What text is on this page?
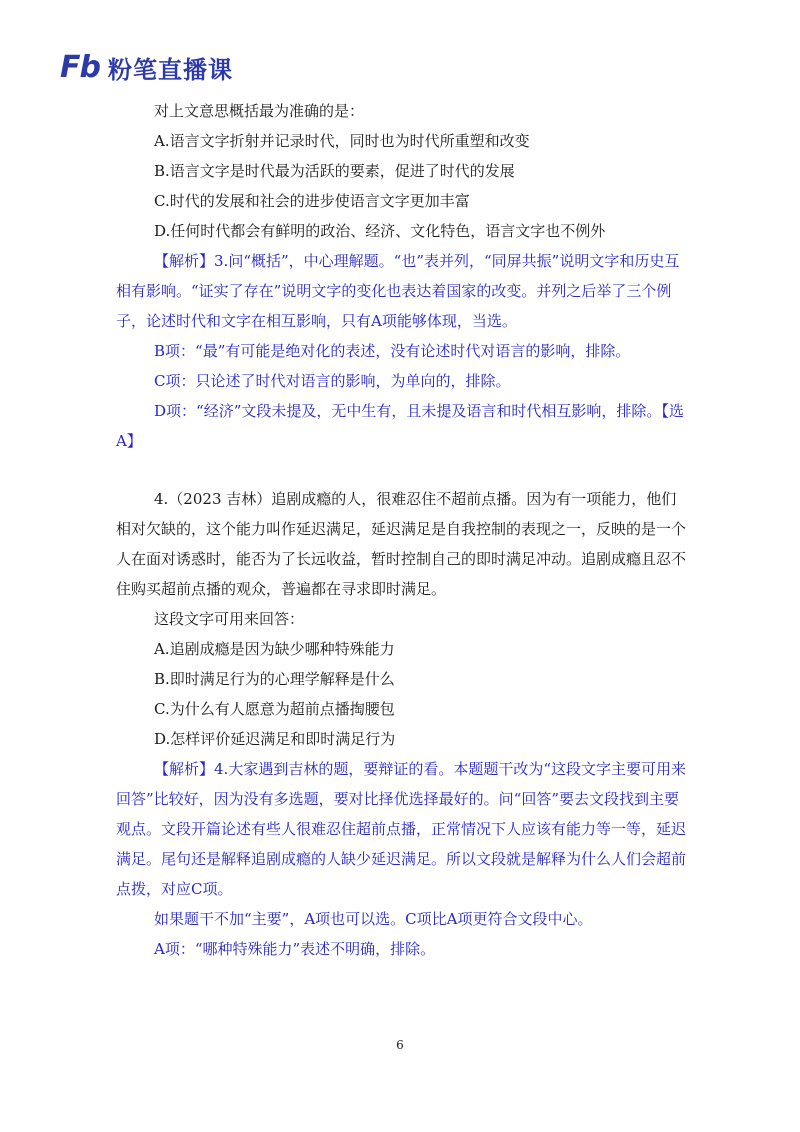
Fb 粉笔直播课

对上文意思概括最为准确的是：

A.语言文字折射并记录时代，同时也为时代所重塑和改变

B.语言文字是时代最为活跃的要素，促进了时代的发展

C.时代的发展和社会的进步使语言文字更加丰富

D.任何时代都会有鲜明的政治、经济、文化特色，语言文字也不例外

【解析】3.问“概括”，中心理解题。“也”表并列，“同屏共振”说明文字和历史互相有影响。“证实了存在”说明文字的变化也表达着国家的改变。并列之后举了三个例子，论述时代和文字在相互影响，只有A项能够体现，当选。

B项：“最”有可能是绝对化的表述，没有论述时代对语言的影响，排除。

C项：只论述了时代对语言的影响，为单向的，排除。

D项：“经济”文段未提及，无中生有，且未提及语言和时代相互影响，排除。【选A】

4.（2023 吉林）追剧成瘾的人，很难忍住不超前点播。因为有一项能力，他们相对欠缺的，这个能力叫作延迟满足，延迟满足是自我控制的表现之一，反映的是一个人在面对诱惑时，能否为了长远收益，暂时控制自己的即时满足冲动。追剧成瘾且忍不住购买超前点播的观众，普遍都在寻求即时满足。

这段文字可用来回答：

A.追剧成瘾是因为缺少哪种特殊能力

B.即时满足行为的心理学解释是什么

C.为什么有人愿意为超前点播掏腰包

D.怎样评价延迟满足和即时满足行为

【解析】4.大家遇到吉林的题，要辩证的看。本题题干改为“这段文字主要可用来回答”比较好，因为没有多选题，要对比择优选择最好的。问“回答”要去文段找到主要观点。文段开篇论述有些人很难忍住超前点播，正常情况下人应该有能力等一等，延迟满足。尾句还是解释追剧成瘾的人缺少延迟满足。所以文段就是解释为什么人们会超前点拨，对应C项。

如果题干不加“主要”，A项也可以选。C项比A项更符合文段中心。

A项：“哪种特殊能力”表述不明确，排除。

6
